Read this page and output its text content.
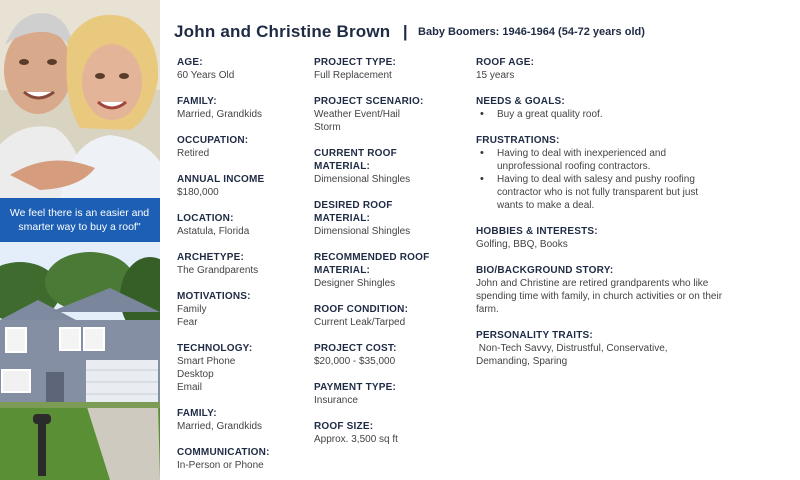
We feel there is an easier and smarter way to buy a roof"
John and Christine Brown | Baby Boomers: 1946-1964 (54-72 years old)
AGE:
60 Years Old
FAMILY:
Married, Grandkids
OCCUPATION:
Retired
ANNUAL INCOME
$180,000
LOCATION:
Astatula, Florida
ARCHETYPE:
The Grandparents
MOTIVATIONS:
Family
Fear
TECHNOLOGY:
Smart Phone
Desktop
Email
FAMILY:
Married, Grandkids
COMMUNICATION:
In-Person or Phone
PROJECT TYPE:
Full Replacement
PROJECT SCENARIO:
Weather Event/Hail Storm
CURRENT ROOF MATERIAL:
Dimensional Shingles
DESIRED ROOF MATERIAL:
Dimensional Shingles
RECOMMENDED ROOF MATERIAL:
Designer Shingles
ROOF CONDITION:
Current Leak/Tarped
PROJECT COST:
$20,000 - $35,000
PAYMENT TYPE:
Insurance
ROOF SIZE:
Approx. 3,500 sq ft
ROOF AGE:
15 years
NEEDS & GOALS:
• Buy a great quality roof.
FRUSTRATIONS:
• Having to deal with inexperienced and unprofessional roofing contractors.
• Having to deal with salesy and pushy roofing contractor who is not fully transparent but just wants to make a deal.
HOBBIES & INTERESTS:
Golfing, BBQ, Books
BIO/BACKGROUND STORY:
John and Christine are retired grandparents who like spending time with family, in church activities or on their farm.
PERSONALITY TRAITS:
Non-Tech Savvy, Distrustful, Conservative, Demanding, Sparing
